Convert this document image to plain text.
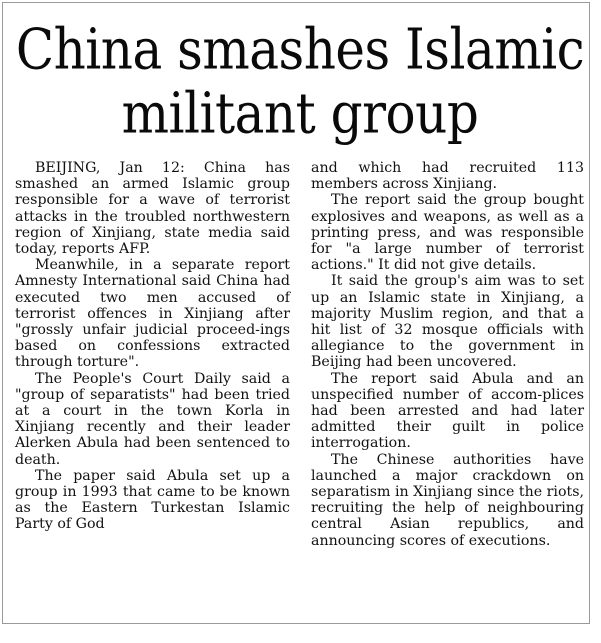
China smashes Islamic
militant group

BEIJING, Jan 12: China has smashed an armed Islamic group responsible for a wave of terrorist attacks in the troubled northwestern region of Xinjiang, state media said today, reports AFP.

Meanwhile, in a separate report Amnesty International said China had executed two men accused of terrorist offences in Xinjiang after "grossly unfair judicial proceed-ings based on confessions extracted through torture".

The People's Court Daily said a "group of separatists" had been tried at a court in the town Korla in Xinjiang recently and their leader Alerken Abula had been sentenced to death.

The paper said Abula set up a group in 1993 that came to be known as the Eastern Turkestan Islamic Party of God

and which had recruited 113 members across Xinjiang.

The report said the group bought explosives and weapons, as well as a printing press, and was responsible for "a large number of terrorist actions." It did not give details.

It said the group's aim was to set up an Islamic state in Xinjiang, a majority Muslim region, and that a hit list of 32 mosque officials with allegiance to the government in Beijing had been uncovered.

The report said Abula and an unspecified number of accom-plices had been arrested and had later admitted their guilt in police interrogation.

The Chinese authorities have launched a major crackdown on separatism in Xinjiang since the riots, recruiting the help of neighbouring central Asian republics, and announcing scores of executions.
